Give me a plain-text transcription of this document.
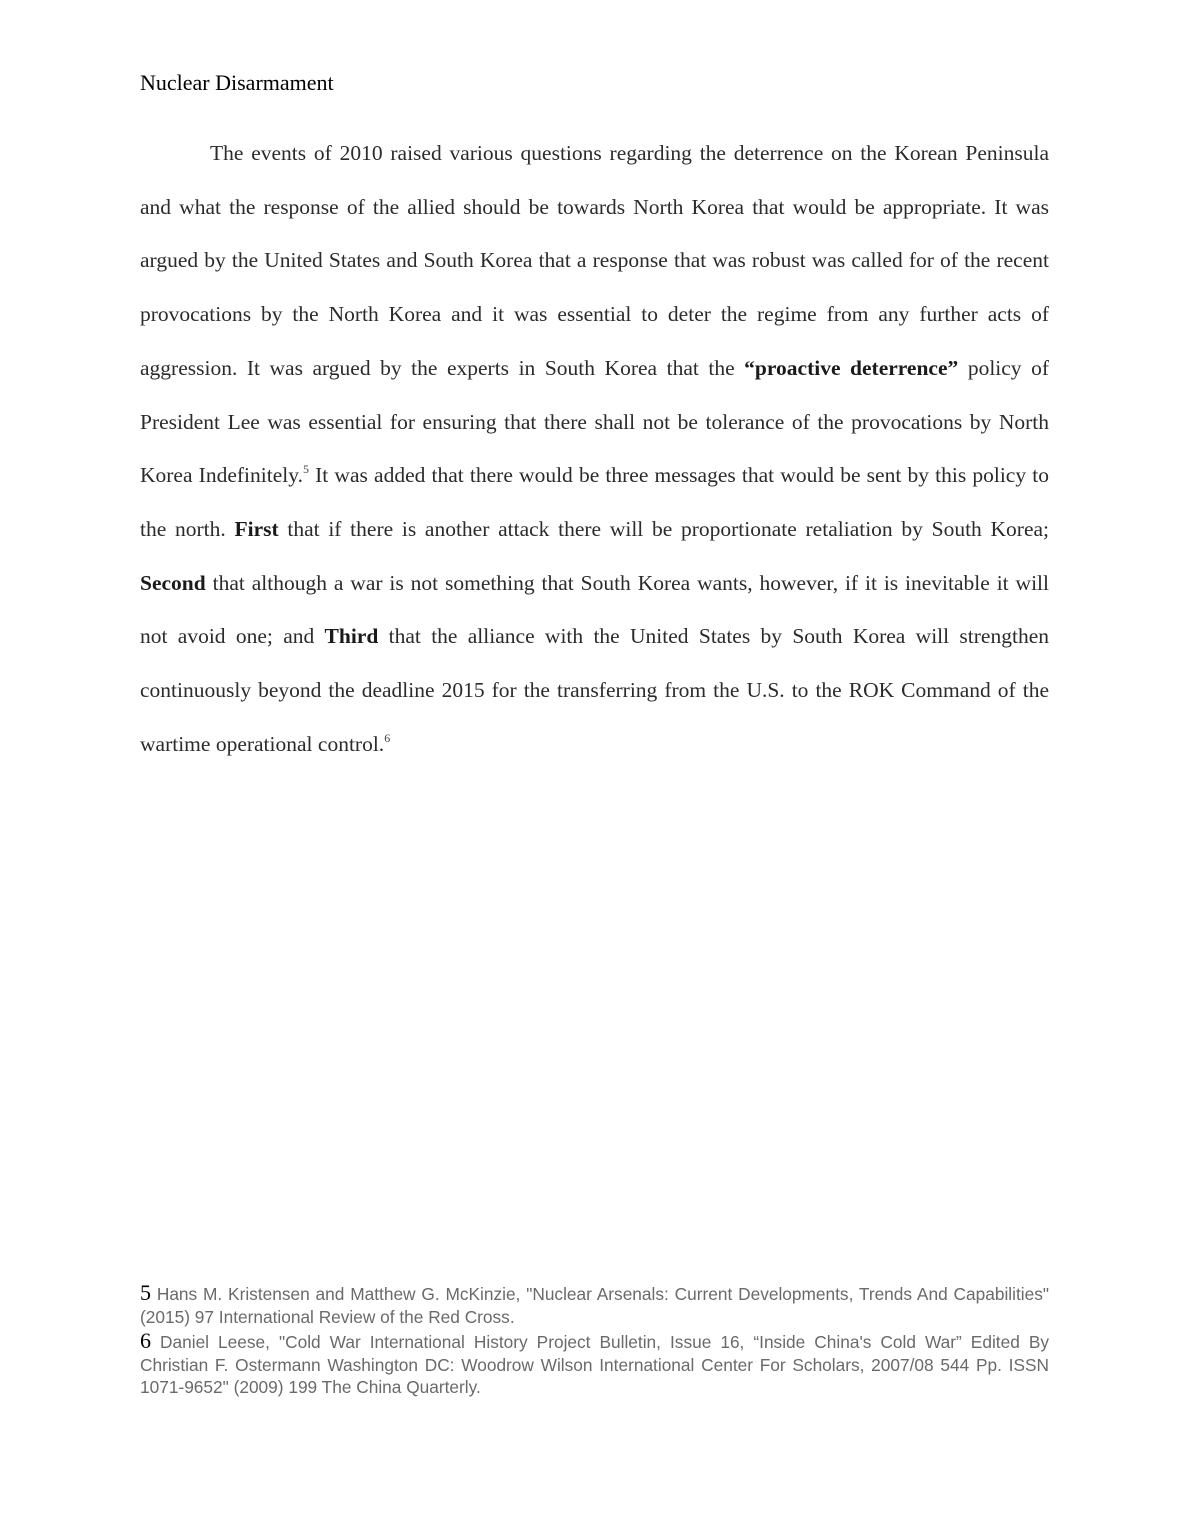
Nuclear Disarmament

The events of 2010 raised various questions regarding the deterrence on the Korean Peninsula and what the response of the allied should be towards North Korea that would be appropriate. It was argued by the United States and South Korea that a response that was robust was called for of the recent provocations by the North Korea and it was essential to deter the regime from any further acts of aggression. It was argued by the experts in South Korea that the “proactive deterrence” policy of President Lee was essential for ensuring that there shall not be tolerance of the provocations by North Korea Indefinitely.$^5$ It was added that there would be three messages that would be sent by this policy to the north. First that if there is another attack there will be proportionate retaliation by South Korea; Second that although a war is not something that South Korea wants, however, if it is inevitable it will not avoid one; and Third that the alliance with the United States by South Korea will strengthen continuously beyond the deadline 2015 for the transferring from the U.S. to the ROK Command of the wartime operational control.$^6$

5 Hans M. Kristensen and Matthew G. McKinzie, "Nuclear Arsenals: Current Developments, Trends And Capabilities" (2015) 97 International Review of the Red Cross.

6 Daniel Leese, "Cold War International History Project Bulletin, Issue 16, “Inside China's Cold War” Edited By Christian F. Ostermann Washington DC: Woodrow Wilson International Center For Scholars, 2007/08 544 Pp. ISSN 1071-9652" (2009) 199 The China Quarterly.
